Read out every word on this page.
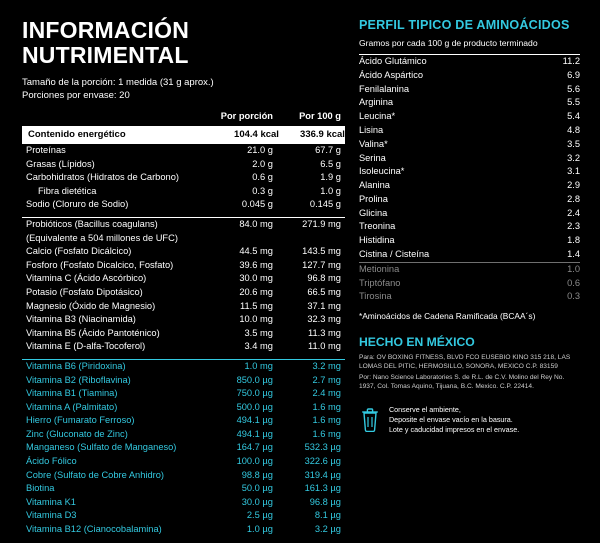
INFORMACIÓN NUTRIMENTAL

Tamaño de la porción: 1 medida (31 g aprox.)

Porciones por envase: 20

	Por porción	Por 100 g
Contenido energético	104.4 kcal	336.9 kcal
Proteínas	21.0 g	67.7 g
Grasas (Lípidos)	2.0 g	6.5 g
Carbohidratos (Hidratos de Carbono)	0.6 g	1.9 g
Fibra dietética	0.3 g	1.0 g
Sodio (Cloruro de Sodio)	0.045 g	0.145 g

Probióticos (Bacillus coagulans)	84.0 mg	271.9 mg
(Equivalente a 504 millones de UFC)		
Calcio (Fosfato Dicálcico)	44.5 mg	143.5 mg
Fosforo (Fosfato Dicalcico, Fosfato)	39.6 mg	127.7 mg
Vitamina C (Ácido Ascórbico)	30.0 mg	96.8 mg
Potasio (Fosfato Dipotásico)	20.6 mg	66.5 mg
Magnesio (Óxido de Magnesio)	11.5 mg	37.1 mg
Vitamina B3 (Niacinamida)	10.0 mg	32.3 mg
Vitamina B5 (Ácido Pantoténico)	3.5 mg	11.3 mg
Vitamina E (D-alfa-Tocoferol)	3.4 mg	11.0 mg

Vitamina B6 (Piridoxina)	1.0 mg	3.2 mg
Vitamina B2 (Riboflavina)	850.0 µg	2.7 mg
Vitamina B1 (Tiamina)	750.0 µg	2.4 mg
Vitamina A (Palmitato)	500.0 µg	1.6 mg
Hierro (Fumarato Ferroso)	494.1 µg	1.6 mg
Zinc (Gluconato de Zinc)	494.1 µg	1.6 mg
Manganeso (Sulfato de Manganeso)	164.7 µg	532.3 µg
Ácido Fólico	100.0 µg	322.6 µg
Cobre (Sulfato de Cobre Anhidro)	98.8 µg	319.4 µg
Biotina	50.0 µg	161.3 µg
Vitamina K1	30.0 µg	96.8 µg
Vitamina D3	2.5 µg	8.1 µg
Vitamina B12 (Cianocobalamina)	1.0 µg	3.2 µg

PERFIL TIPICO DE AMINOÁCIDOS

Gramos por cada 100 g de producto terminado

Ácido Glutámico	11.2
Ácido Aspártico	6.9
Fenilalanina	5.6
Arginina	5.5
Leucina*	5.4
Lisina	4.8
Valina*	3.5
Serina	3.2
Isoleucina*	3.1
Alanina	2.9
Prolina	2.8
Glicina	2.4
Treonina	2.3
Histidina	1.8
Cistina / Cisteína	1.4
Metionina	1.0
Triptófano	0.6
Tirosina	0.3

*Aminoácidos de Cadena Ramificada (BCAA´s)

HECHO EN MÉXICO

Para: OV BOXING FITNESS, BLVD FCO EUSEBIO KINO 315 218, LAS LOMAS DEL PITIC, HERMOSILLO, SONORA, MEXICO C.P. 83159

Por: Nano Science Laboratories S. de R.L. de C.V. Molino del Rey No. 1937, Col. Tomas Aquino, Tijuana, B.C. Mexico. C.P. 22414.

Conserve el ambiente,
Deposite el envase vacío en la basura.
Lote y caducidad impresos en el envase.
